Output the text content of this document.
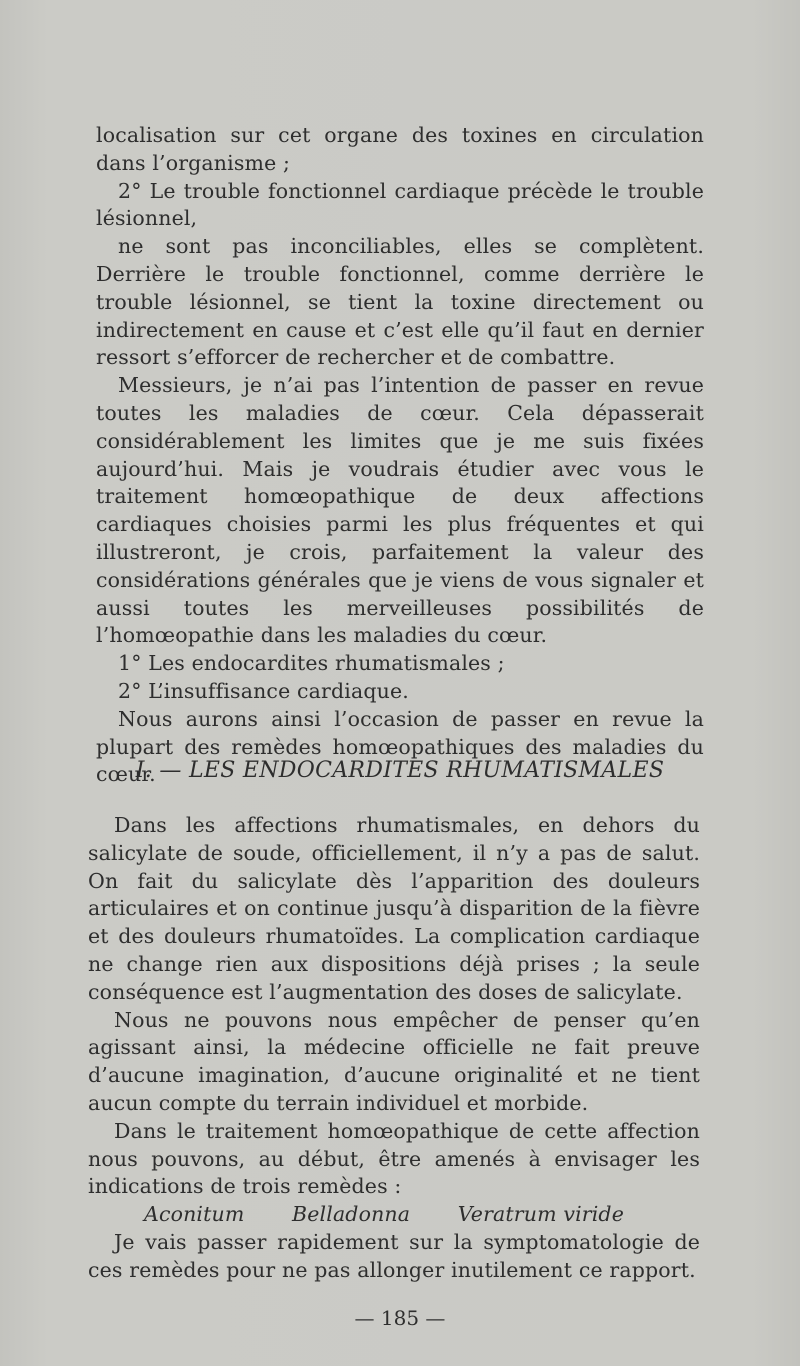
localisation sur cet organe des toxines en circulation dans l’organisme ;

2° Le trouble fonctionnel cardiaque précède le trouble lésionnel,

ne sont pas inconciliables, elles se complètent. Derrière le trouble fonctionnel, comme derrière le trouble lésionnel, se tient la toxine directement ou indirectement en cause et c’est elle qu’il faut en dernier ressort s’efforcer de rechercher et de combattre.

Messieurs, je n’ai pas l’intention de passer en revue toutes les maladies de cœur. Cela dépasserait considérablement les limites que je me suis fixées aujourd’hui. Mais je voudrais étudier avec vous le traitement homœopathique de deux affections cardiaques choisies parmi les plus fréquentes et qui illustreront, je crois, parfaitement la valeur des considérations générales que je viens de vous signaler et aussi toutes les merveilleuses possibilités de l’homœopathie dans les maladies du cœur.

1° Les endocardites rhumatismales ;

2° L’insuffisance cardiaque.

Nous aurons ainsi l’occasion de passer en revue la plupart des remèdes homœopathiques des maladies du cœur.

I. — LES ENDOCARDITES RHUMATISMALES

Dans les affections rhumatismales, en dehors du salicylate de soude, officiellement, il n’y a pas de salut. On fait du salicylate dès l’apparition des douleurs articulaires et on continue jusqu’à disparition de la fièvre et des douleurs rhumatoïdes. La complication cardiaque ne change rien aux dispositions déjà prises ; la seule conséquence est l’augmentation des doses de salicylate.

Nous ne pouvons nous empêcher de penser qu’en agissant ainsi, la médecine officielle ne fait preuve d’aucune imagination, d’aucune originalité et ne tient aucun compte du terrain individuel et morbide.

Dans le traitement homœopathique de cette affection nous pouvons, au début, être amenés à envisager les indications de trois remèdes :

Aconitum Belladonna Veratrum viride

Je vais passer rapidement sur la symptomatologie de ces remèdes pour ne pas allonger inutilement ce rapport.

— 185 —
